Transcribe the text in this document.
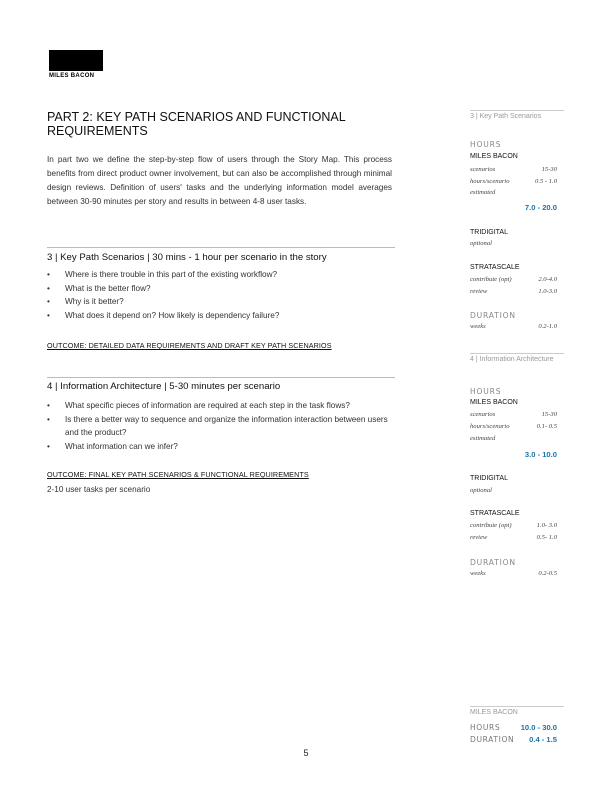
MILES BACON
PART 2: KEY PATH SCENARIOS AND FUNCTIONAL REQUIREMENTS
In part two we define the step-by-step flow of users through the Story Map. This process benefits from direct product owner involvement, but can also be accomplished through minimal design reviews. Definition of users' tasks and the underlying information model averages between 30-90 minutes per story and results in between 4-8 user tasks.
3 | Key Path Scenarios | 30 mins - 1 hour per scenario in the story
• Where is there trouble in this part of the existing workflow?
• What is the better flow?
• Why is it better?
• What does it depend on? How likely is dependency failure?
OUTCOME: DETAILED DATA REQUIREMENTS AND DRAFT KEY PATH SCENARIOS
4 | Information Architecture | 5-30 minutes per scenario
• What specific pieces of information are required at each step in the task flows?
• Is there a better way to sequence and organize the information interaction between users and the product?
• What information can we infer?
OUTCOME: FINAL KEY PATH SCENARIOS & FUNCTIONAL REQUIREMENTS
2-10 user tasks per scenario
3 | Key Path Scenarios
HOURS
MILES BACON
scenarios	15-30
hours/scenario	0.5 - 1.0
estimated
7.0 - 20.0
TRIDIGITAL
optional
STRATASCALE
contribute (opt)	2.0-4.0
review	1.0-3.0
DURATION
weeks	0.2-1.0
4 | Information Architecture
HOURS
MILES BACON
scenarios	15-30
hours/scenario	0.1- 0.5
estimated
3.0 - 10.0
TRIDIGITAL
optional
STRATASCALE
contribute (opt)	1.0- 3.0
review	0.5- 1.0
DURATION
weeks	0.2-0.5
MILES BACON
HOURS	10.0 - 30.0
DURATION 0.4 - 1.5
5
